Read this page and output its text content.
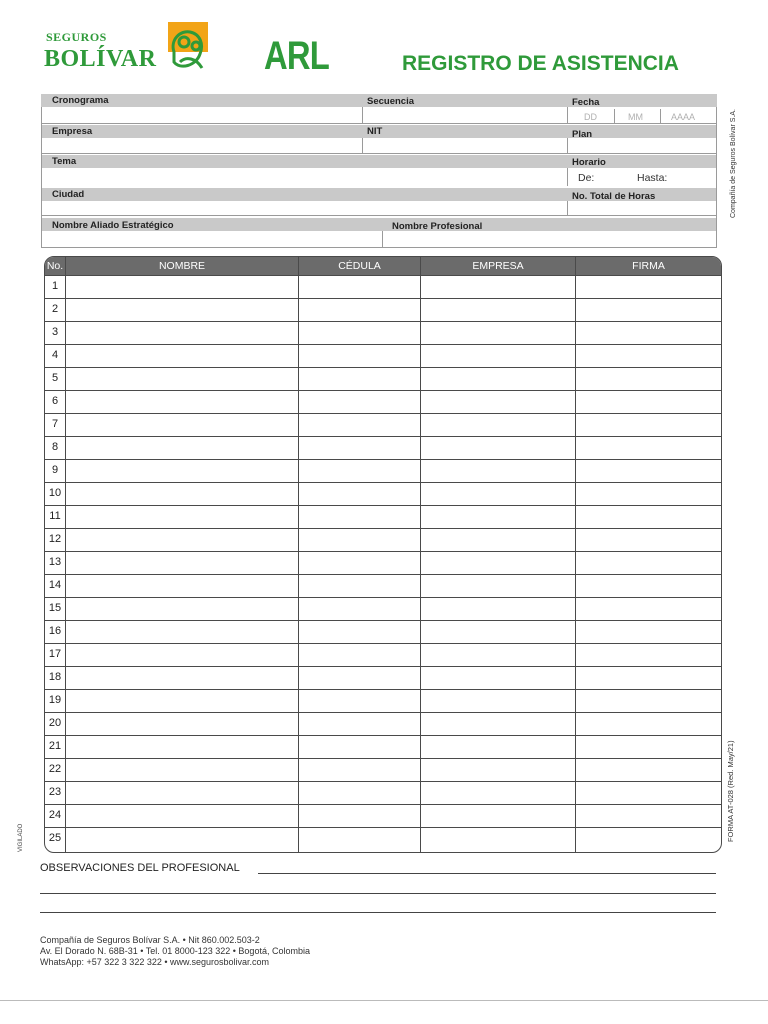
SEGUROS
BOLÍVAR	ARL	REGISTRO DE ASISTENCIA
Cronograma	Secuencia	Fecha
DD	MM	AAAA
Empresa	NIT	Plan
Tema	Horario
De:	Hasta:
Ciudad	No. Total de Horas
Nombre Aliado Estratégico	Nombre Profesional
Compañía de Seguros Bolívar S.A.
No.	NOMBRE	CÉDULA	EMPRESA	FIRMA
1
2
3
4
5
6
7
8
9
10
11
12
13
14
15
16
17
18
19
20
21
22
23
24
25
OBSERVACIONES DEL PROFESIONAL
FORMA AT-028 (Red. May/21)
VIGILADO
Compañía de Seguros Bolívar S.A. • Nit 860.002.503-2
Av. El Dorado N. 68B-31 • Tel. 01 8000-123 322 • Bogotá, Colombia
WhatsApp: +57 322 3 322 322 • www.segurosbolivar.com
